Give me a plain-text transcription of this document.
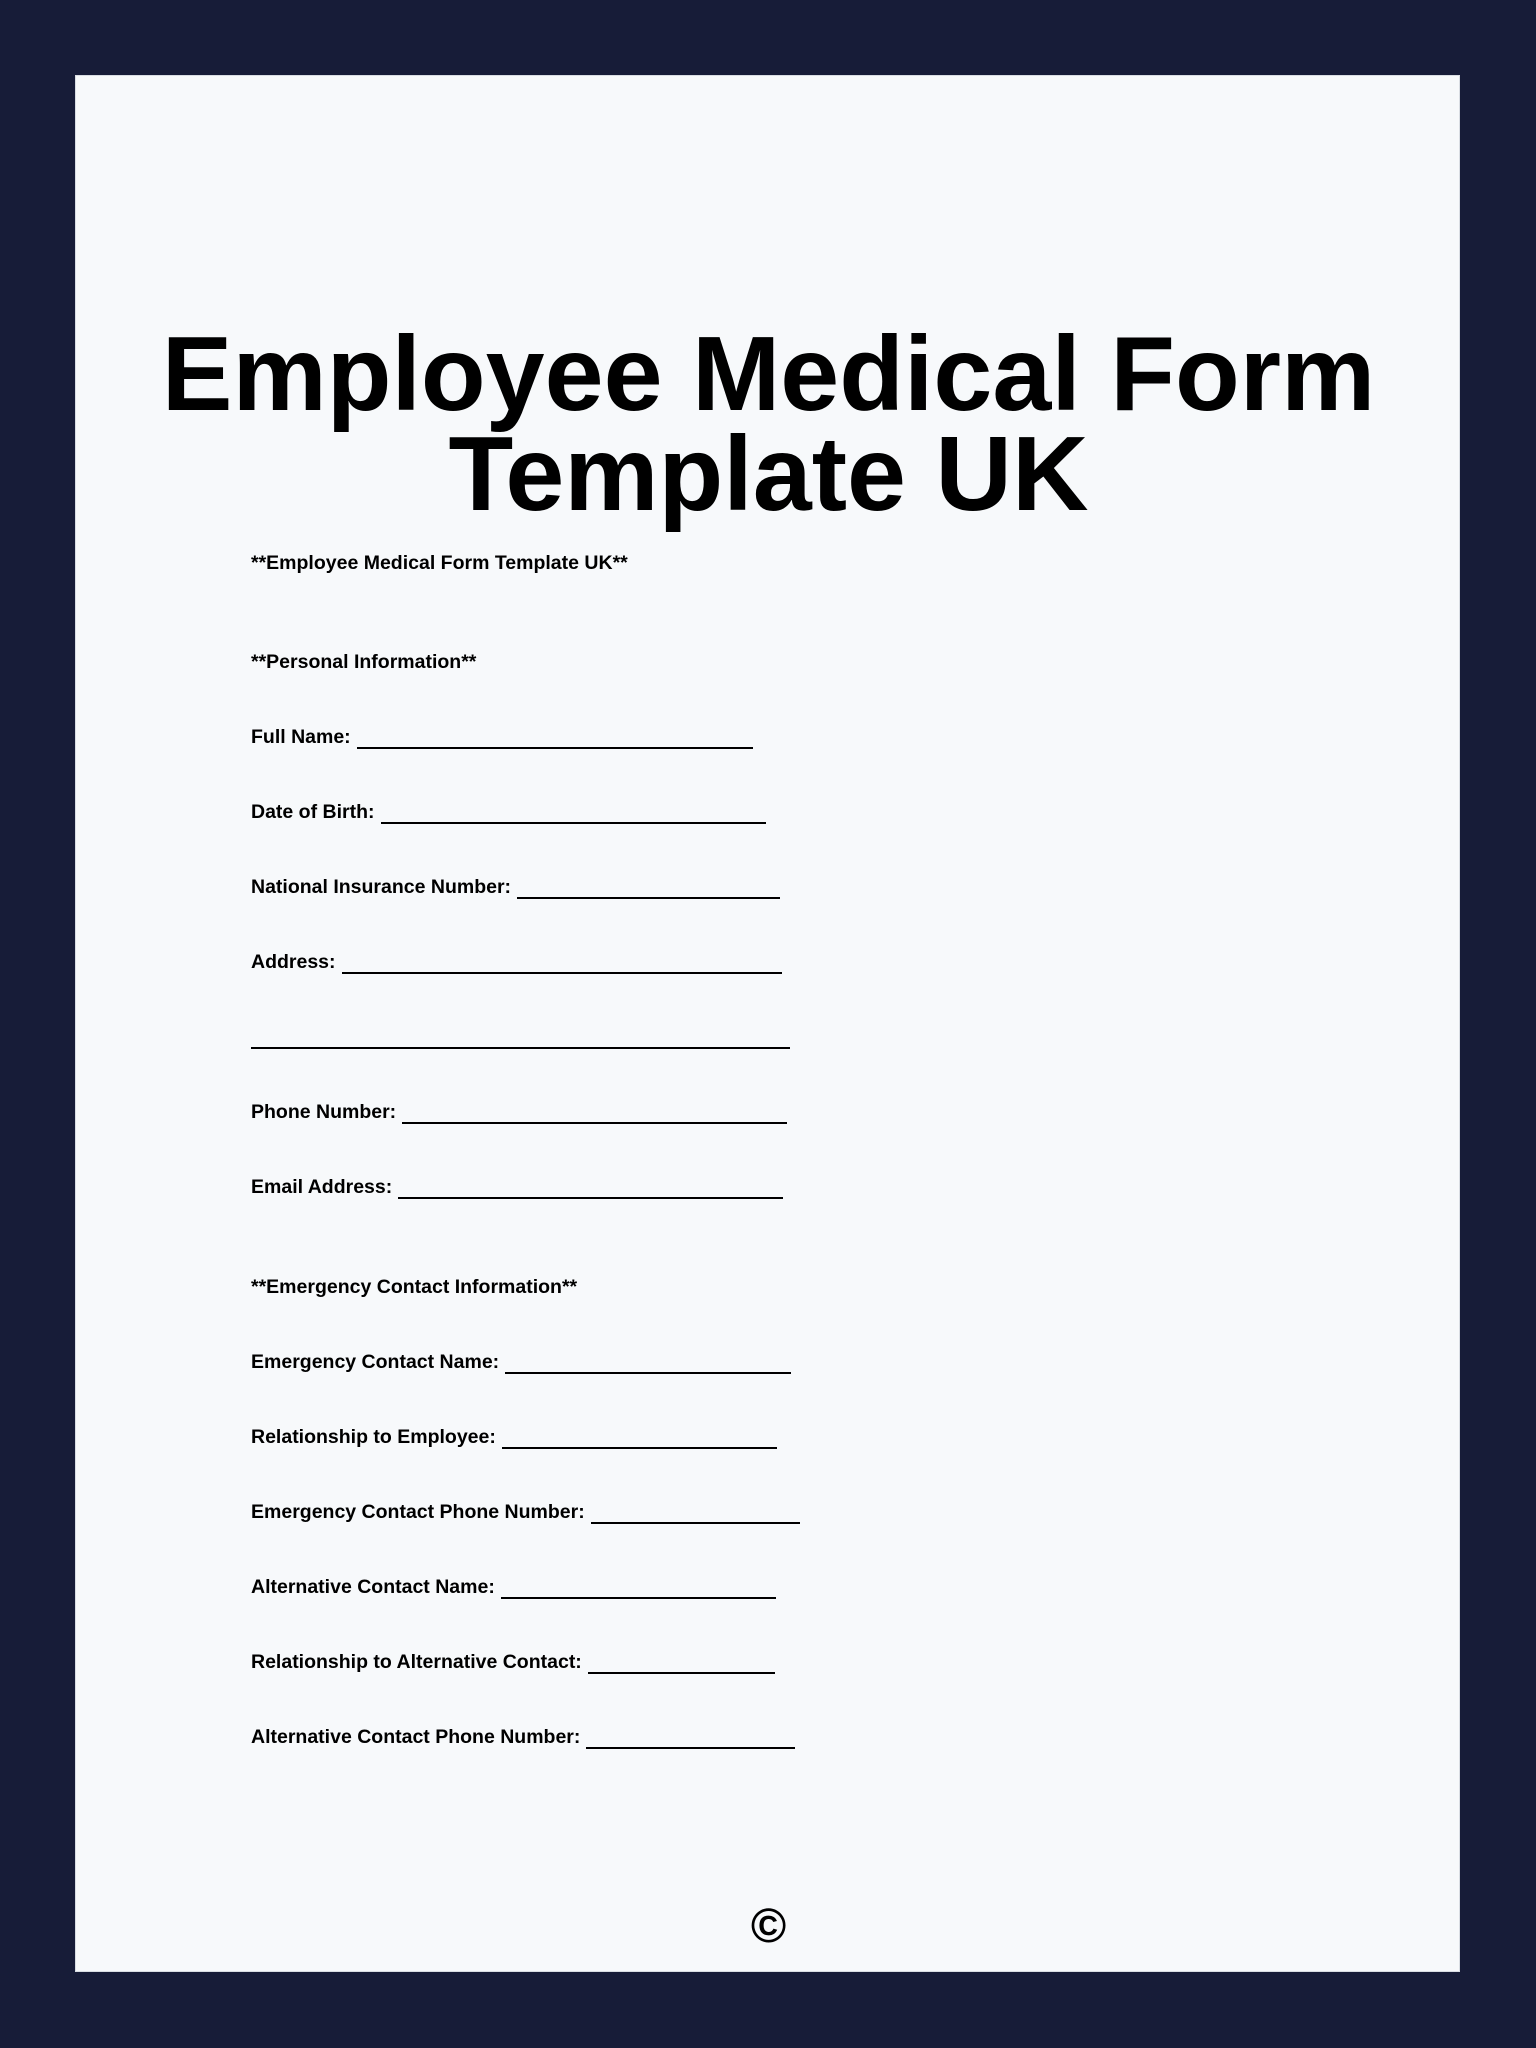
Employee Medical Form
Template UK
**Employee Medical Form Template UK**
**Personal Information**
Full Name:
Date of Birth:
National Insurance Number:
Address:
Phone Number:
Email Address:
**Emergency Contact Information**
Emergency Contact Name:
Relationship to Employee:
Emergency Contact Phone Number:
Alternative Contact Name:
Relationship to Alternative Contact:
Alternative Contact Phone Number:
©
